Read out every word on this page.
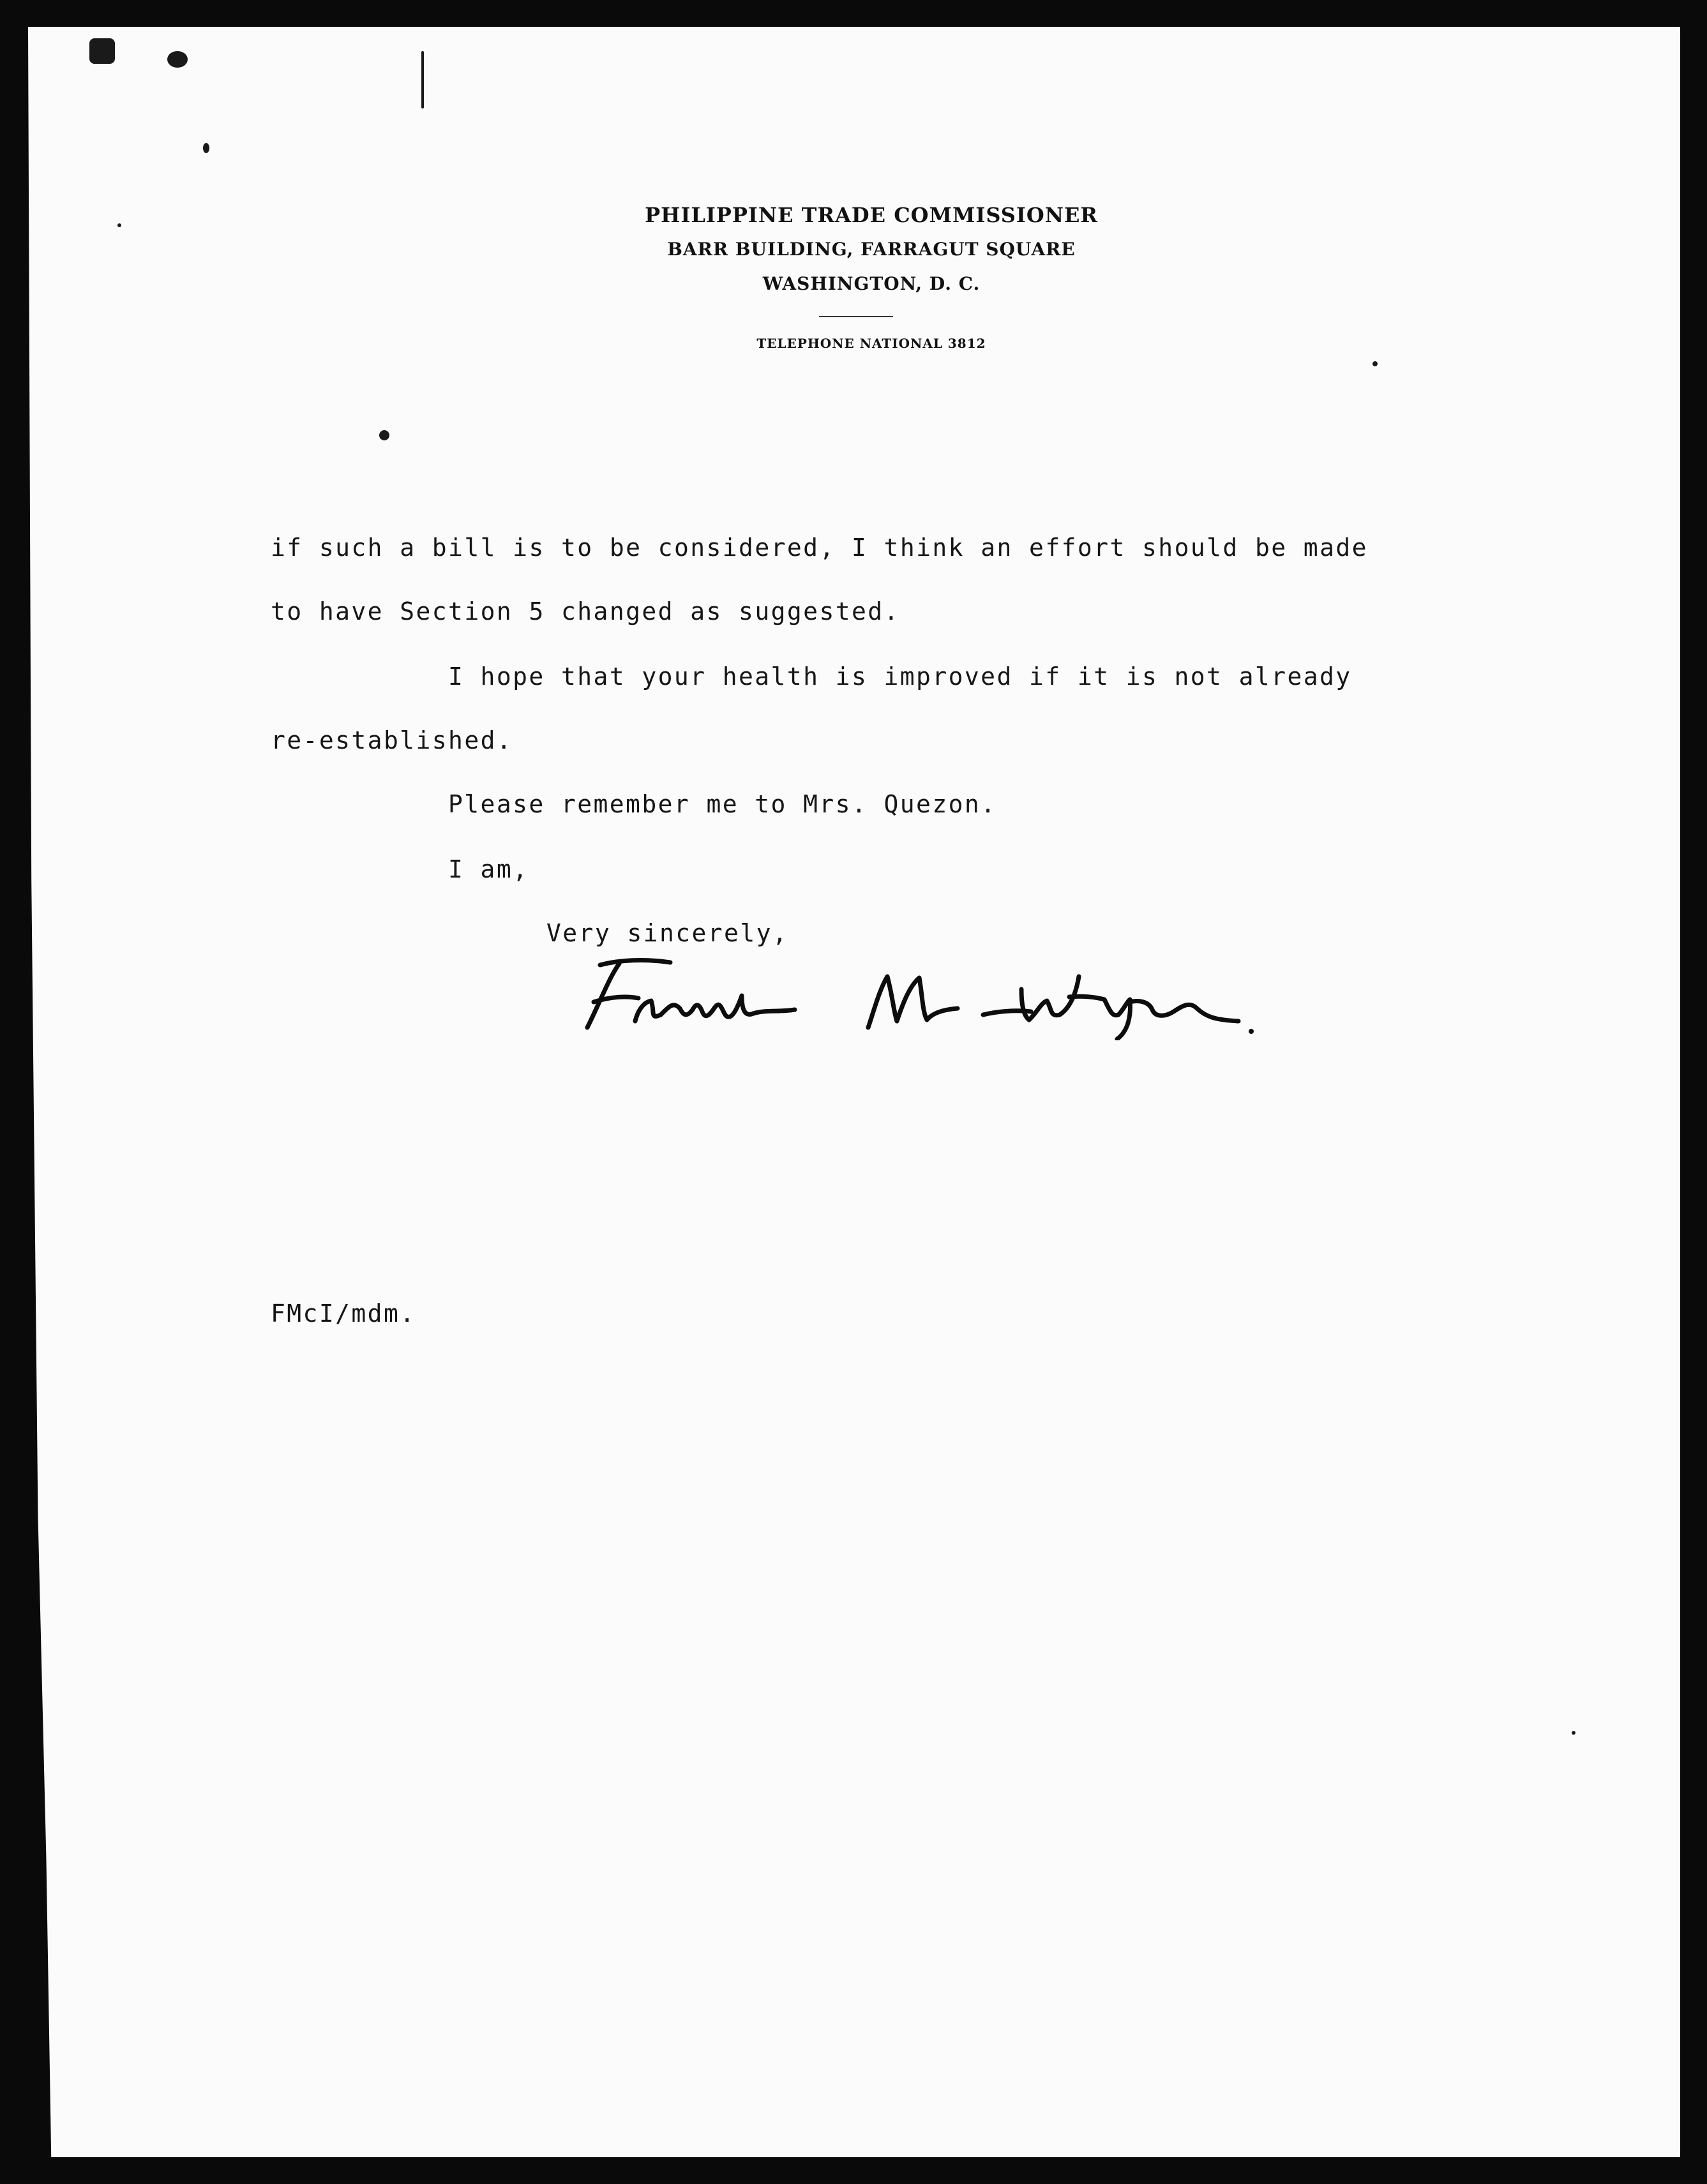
PHILIPPINE TRADE COMMISSIONER
BARR BUILDING, FARRAGUT SQUARE
WASHINGTON, D. C.
TELEPHONE NATIONAL 3812
if such a bill is to be considered, I think an effort should be made
to have Section 5 changed as suggested.
I hope that your health is improved if it is not already
re-established.
Please remember me to Mrs. Quezon.
I am,
Very sincerely,
FMcI/mdm.
